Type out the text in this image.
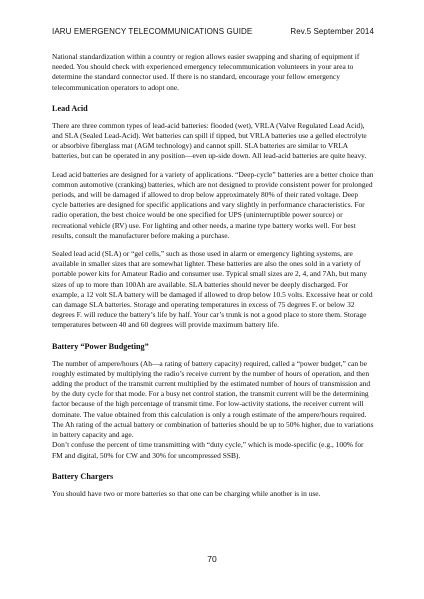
IARU EMERGENCY TELECOMMUNICATIONS GUIDE	Rev.5 September 2014

National standardization within a country or region allows easier swapping and sharing of equipment if needed. You should check with experienced emergency telecommunication volunteers in your area to determine the standard connector used. If there is no standard, encourage your fellow emergency telecommunication operators to adopt one.

Lead Acid

There are three common types of lead-acid batteries: flooded (wet), VRLA (Valve Regulated Lead Acid), and SLA (Sealed Lead-Acid). Wet batteries can spill if tipped, but VRLA batteries use a gelled electrolyte or absorbive fiberglass mat (AGM technology) and cannot spill. SLA batteries are similar to VRLA batteries, but can be operated in any position—even up-side down. All lead-acid batteries are quite heavy.

Lead acid batteries are designed for a variety of applications. “Deep-cycle” batteries are a better choice than common automotive (cranking) batteries, which are not designed to provide consistent power for prolonged periods, and will be damaged if allowed to drop below approximately 80% of their rated voltage. Deep cycle batteries are designed for specific applications and vary slightly in performance characteristics. For radio operation, the best choice would be one specified for UPS (uninterruptible power source) or recreational vehicle (RV) use. For lighting and other needs, a marine type battery works well. For best results, consult the manufacturer before making a purchase.

Sealed lead acid (SLA) or “gel cells,” such as those used in alarm or emergency lighting systems, are available in smaller sizes that are somewhat lighter. These batteries are also the ones sold in a variety of portable power kits for Amateur Radio and consumer use. Typical small sizes are 2, 4, and 7Ah, but many sizes of up to more than 100Ah are available. SLA batteries should never be deeply discharged. For example, a 12 volt SLA battery will be damaged if allowed to drop below 10.5 volts. Excessive heat or cold can damage SLA batteries. Storage and operating temperatures in excess of 75 degrees F. or below 32 degrees F. will reduce the battery’s life by half. Your car’s trunk is not a good place to store them. Storage temperatures between 40 and 60 degrees will provide maximum battery life.

Battery “Power Budgeting”

The number of ampere/hours (Ah—a rating of battery capacity) required, called a “power budget,” can be roughly estimated by multiplying the radio’s receive current by the number of hours of operation, and then adding the product of the transmit current multiplied by the estimated number of hours of transmission and by the duty cycle for that mode. For a busy net control station, the transmit current will be the determining factor because of the high percentage of transmit time. For low-activity stations, the receiver current will dominate. The value obtained from this calculation is only a rough estimate of the ampere/hours required. The Ah rating of the actual battery or combination of batteries should be up to 50% higher, due to variations in battery capacity and age.

Don’t confuse the percent of time transmitting with “duty cycle,” which is mode-specific (e.g., 100% for FM and digital, 50% for CW and 30% for uncompressed SSB).

Battery Chargers

You should have two or more batteries so that one can be charging while another is in use.

70
